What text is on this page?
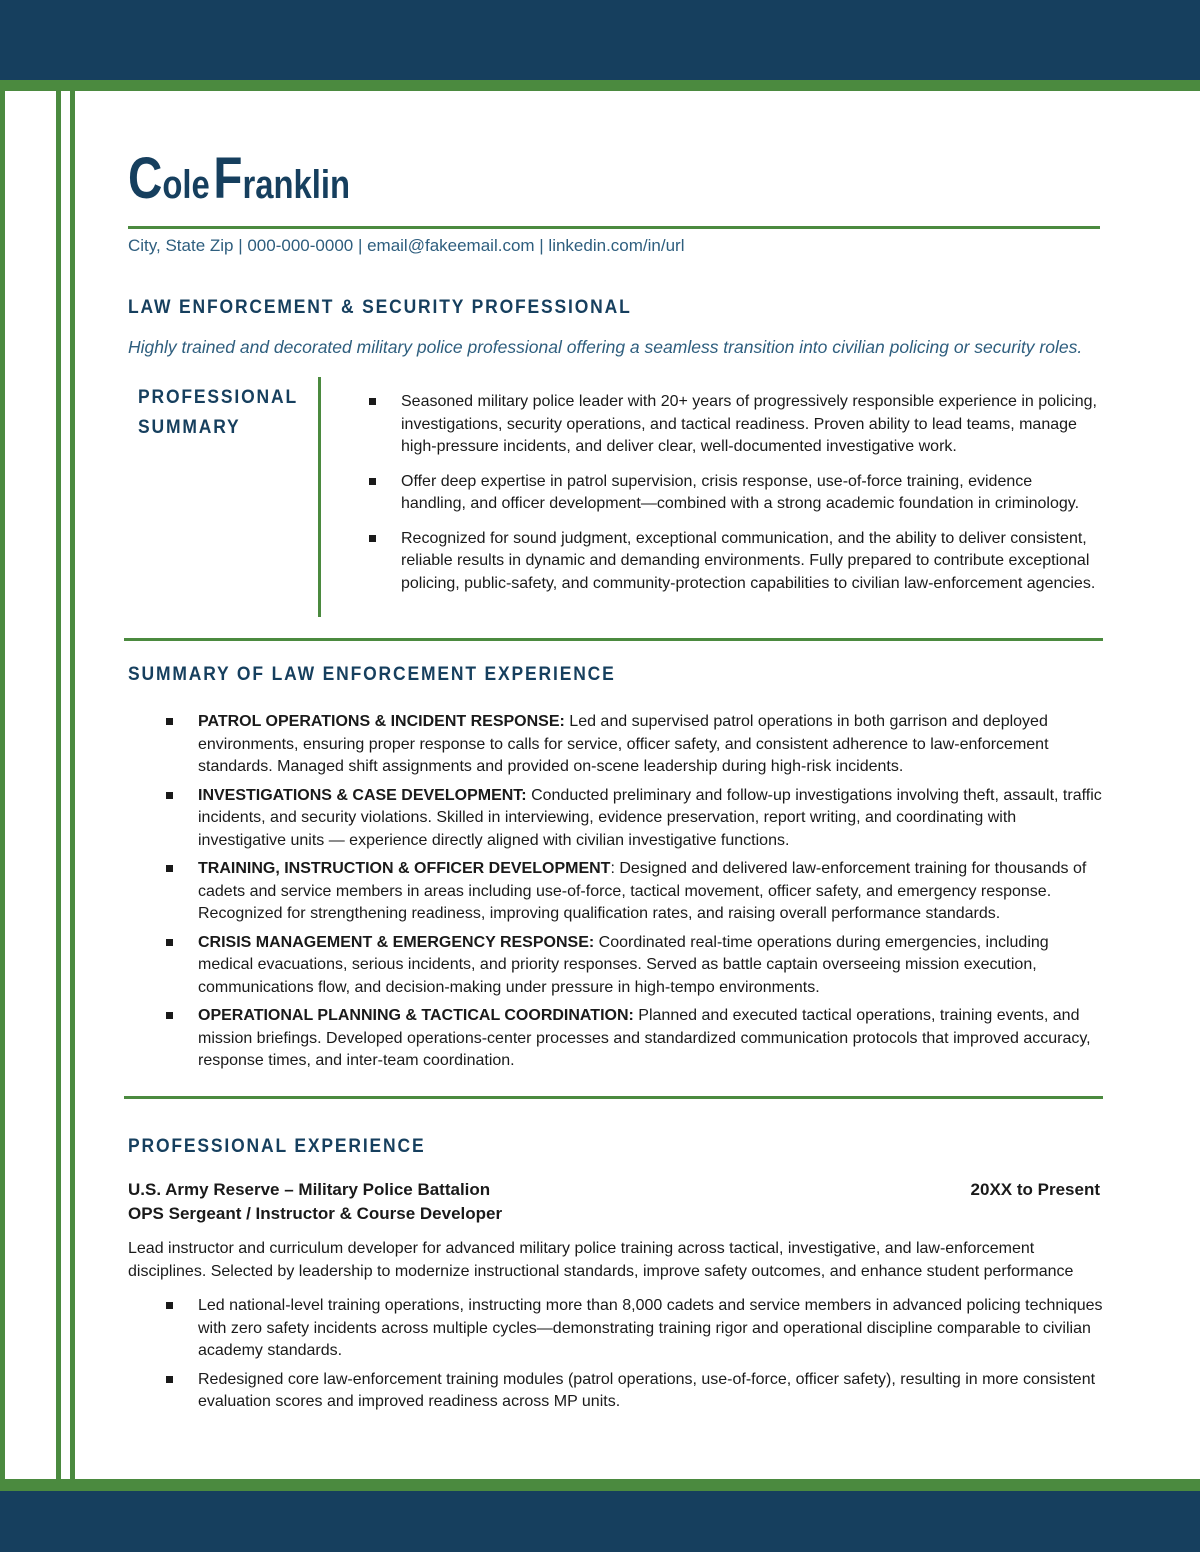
Cole Franklin
City, State Zip | 000-000-0000 | email@fakeemail.com | linkedin.com/in/url
LAW ENFORCEMENT & SECURITY PROFESSIONAL
Highly trained and decorated military police professional offering a seamless transition into civilian policing or security roles.
PROFESSIONAL
SUMMARY
Seasoned military police leader with 20+ years of progressively responsible experience in policing, investigations, security operations, and tactical readiness. Proven ability to lead teams, manage high-pressure incidents, and deliver clear, well-documented investigative work.
Offer deep expertise in patrol supervision, crisis response, use-of-force training, evidence handling, and officer development—combined with a strong academic foundation in criminology.
Recognized for sound judgment, exceptional communication, and the ability to deliver consistent, reliable results in dynamic and demanding environments. Fully prepared to contribute exceptional policing, public-safety, and community-protection capabilities to civilian law-enforcement agencies.
SUMMARY OF LAW ENFORCEMENT EXPERIENCE
PATROL OPERATIONS & INCIDENT RESPONSE: Led and supervised patrol operations in both garrison and deployed environments, ensuring proper response to calls for service, officer safety, and consistent adherence to law-enforcement standards. Managed shift assignments and provided on-scene leadership during high-risk incidents.
INVESTIGATIONS & CASE DEVELOPMENT: Conducted preliminary and follow-up investigations involving theft, assault, traffic incidents, and security violations. Skilled in interviewing, evidence preservation, report writing, and coordinating with investigative units — experience directly aligned with civilian investigative functions.
TRAINING, INSTRUCTION & OFFICER DEVELOPMENT: Designed and delivered law-enforcement training for thousands of cadets and service members in areas including use-of-force, tactical movement, officer safety, and emergency response. Recognized for strengthening readiness, improving qualification rates, and raising overall performance standards.
CRISIS MANAGEMENT & EMERGENCY RESPONSE: Coordinated real-time operations during emergencies, including medical evacuations, serious incidents, and priority responses. Served as battle captain overseeing mission execution, communications flow, and decision-making under pressure in high-tempo environments.
OPERATIONAL PLANNING & TACTICAL COORDINATION: Planned and executed tactical operations, training events, and mission briefings. Developed operations-center processes and standardized communication protocols that improved accuracy, response times, and inter-team coordination.
PROFESSIONAL EXPERIENCE
U.S. Army Reserve – Military Police Battalion	20XX to Present
OPS Sergeant / Instructor & Course Developer
Lead instructor and curriculum developer for advanced military police training across tactical, investigative, and law-enforcement disciplines. Selected by leadership to modernize instructional standards, improve safety outcomes, and enhance student performance
Led national-level training operations, instructing more than 8,000 cadets and service members in advanced policing techniques with zero safety incidents across multiple cycles—demonstrating training rigor and operational discipline comparable to civilian academy standards.
Redesigned core law-enforcement training modules (patrol operations, use-of-force, officer safety), resulting in more consistent evaluation scores and improved readiness across MP units.
